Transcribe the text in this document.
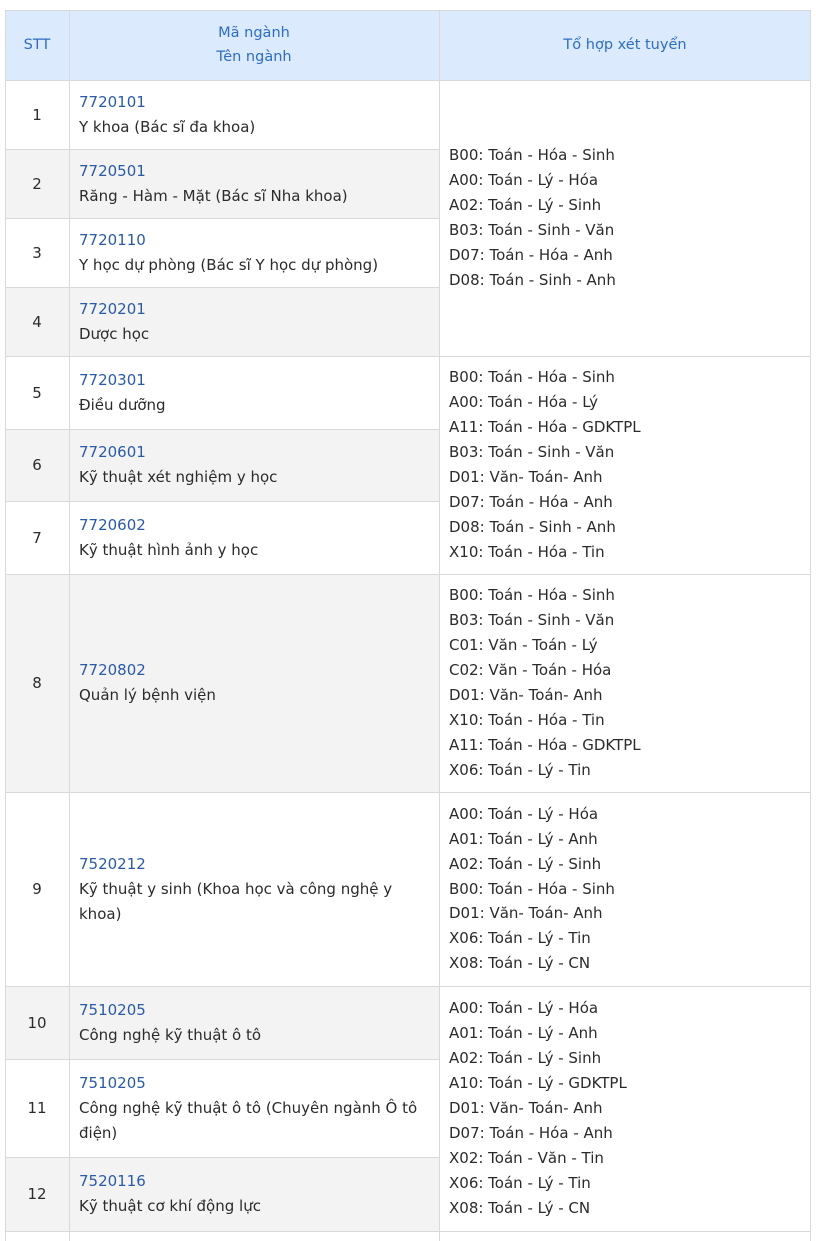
STT
Mã ngành
Tên ngành
Tổ hợp xét tuyển
1
7720101
Y khoa (Bác sĩ đa khoa)
2
7720501
Răng - Hàm - Mặt (Bác sĩ Nha khoa)
3
7720110
Y học dự phòng (Bác sĩ Y học dự phòng)
4
7720201
Dược học
5
7720301
Điều dưỡng
6
7720601
Kỹ thuật xét nghiệm y học
7
7720602
Kỹ thuật hình ảnh y học
8
7720802
Quản lý bệnh viện
9
7520212
Kỹ thuật y sinh (Khoa học và công nghệ y khoa)
10
7510205
Công nghệ kỹ thuật ô tô
11
7510205
Công nghệ kỹ thuật ô tô (Chuyên ngành Ô tô điện)
12
7520116
Kỹ thuật cơ khí động lực
B00: Toán - Hóa - Sinh
A00: Toán - Lý - Hóa
A02: Toán - Lý - Sinh
B03: Toán - Sinh - Văn
D07: Toán - Hóa - Anh
D08: Toán - Sinh - Anh
B00: Toán - Hóa - Sinh
A00: Toán - Hóa - Lý
A11: Toán - Hóa - GDKTPL
B03: Toán - Sinh - Văn
D01: Văn- Toán- Anh
D07: Toán - Hóa - Anh
D08: Toán - Sinh - Anh
X10: Toán - Hóa - Tin
B00: Toán - Hóa - Sinh
B03: Toán - Sinh - Văn
C01: Văn - Toán - Lý
C02: Văn - Toán - Hóa
D01: Văn- Toán- Anh
X10: Toán - Hóa - Tin
A11: Toán - Hóa - GDKTPL
X06: Toán - Lý - Tin
A00: Toán - Lý - Hóa
A01: Toán - Lý - Anh
A02: Toán - Lý - Sinh
B00: Toán - Hóa - Sinh
D01: Văn- Toán- Anh
X06: Toán - Lý - Tin
X08: Toán - Lý - CN
A00: Toán - Lý - Hóa
A01: Toán - Lý - Anh
A02: Toán - Lý - Sinh
A10: Toán - Lý - GDKTPL
D01: Văn- Toán- Anh
D07: Toán - Hóa - Anh
X02: Toán - Văn - Tin
X06: Toán - Lý - Tin
X08: Toán - Lý - CN
